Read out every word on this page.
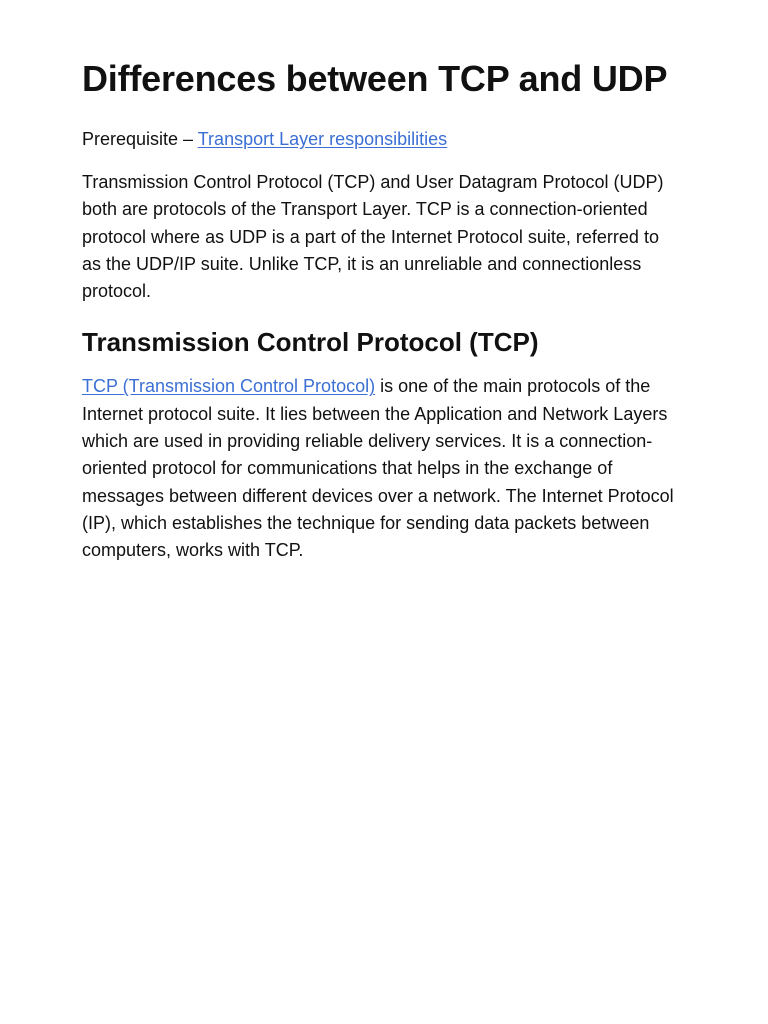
Differences between TCP and UDP

Prerequisite – Transport Layer responsibilities

Transmission Control Protocol (TCP) and User Datagram Protocol (UDP) both are protocols of the Transport Layer. TCP is a connection-oriented protocol where as UDP is a part of the Internet Protocol suite, referred to as the UDP/IP suite. Unlike TCP, it is an unreliable and connectionless protocol.

Transmission Control Protocol (TCP)

TCP (Transmission Control Protocol) is one of the main protocols of the Internet protocol suite. It lies between the Application and Network Layers which are used in providing reliable delivery services. It is a connection-oriented protocol for communications that helps in the exchange of messages between different devices over a network. The Internet Protocol (IP), which establishes the technique for sending data packets between computers, works with TCP.
